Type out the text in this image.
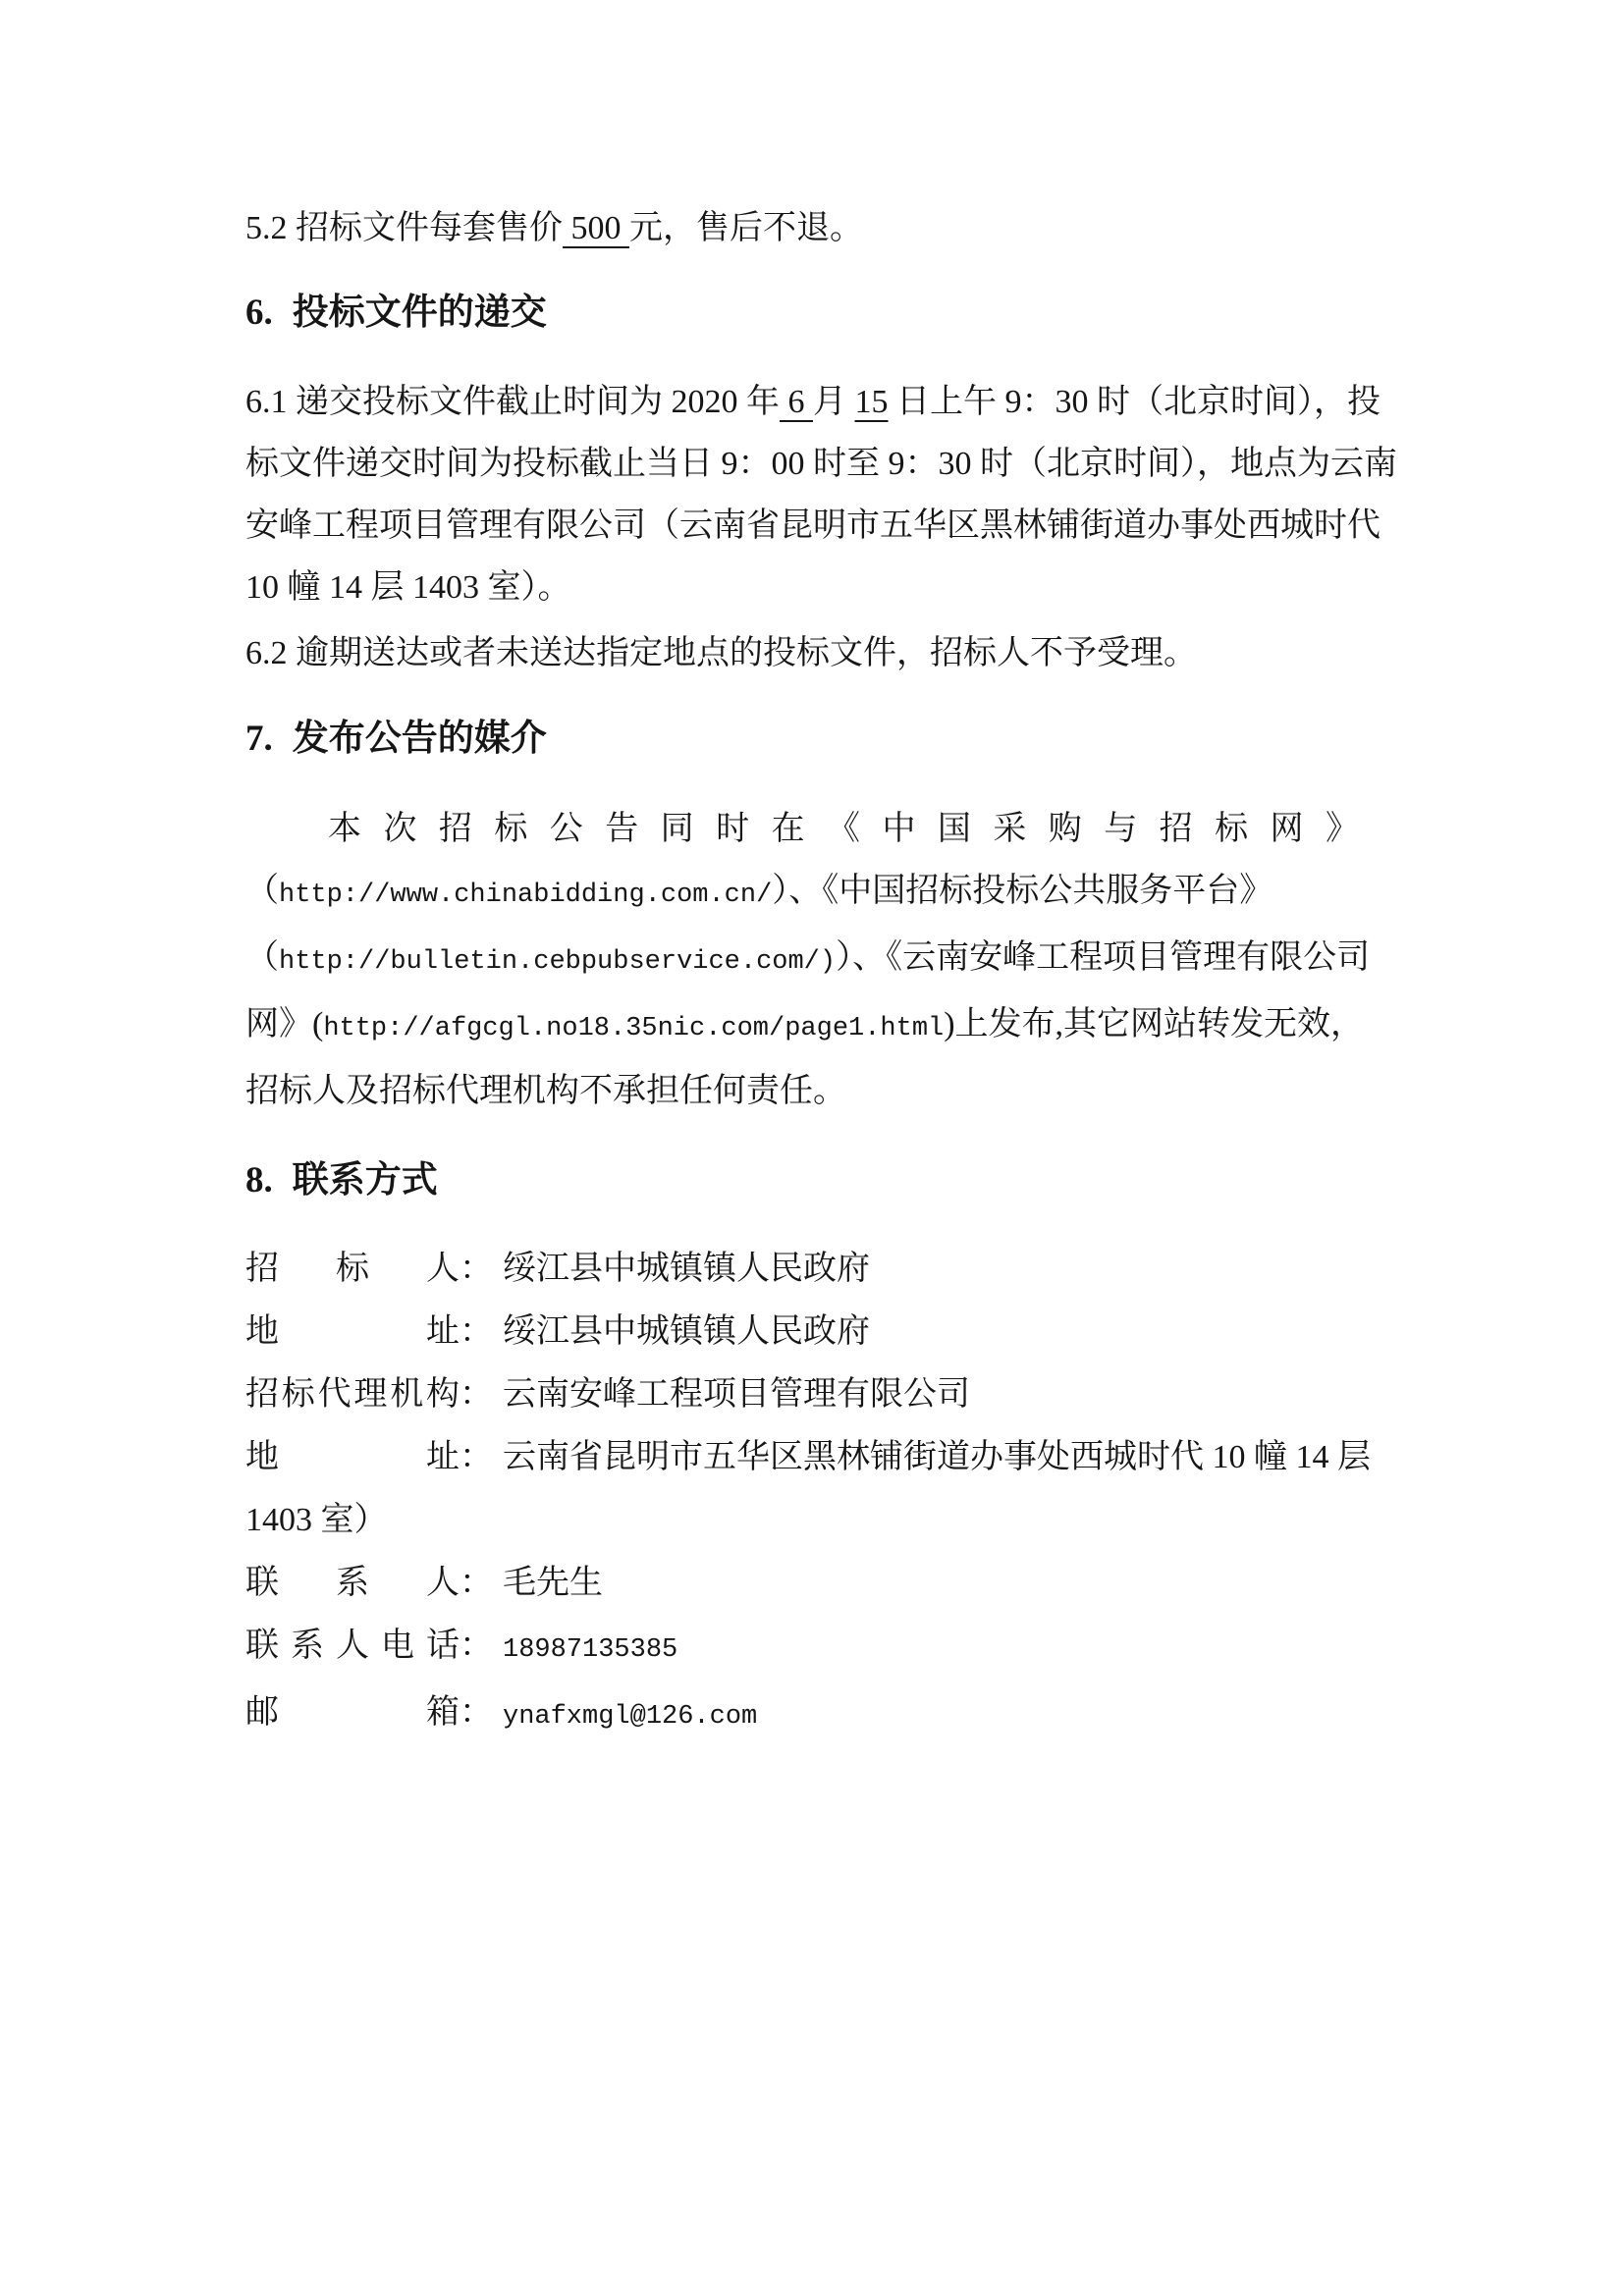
5.2 招标文件每套售价 500 元，售后不退。
6. 投标文件的递交
6.1 递交投标文件截止时间为 2020 年 6 月 15 日上午 9：30 时（北京时间），投
标文件递交时间为投标截止当日 9：00 时至 9：30 时（北京时间），地点为云南
安峰工程项目管理有限公司（云南省昆明市五华区黑林铺街道办事处西城时代
10 幢 14 层 1403 室）。
6.2 逾期送达或者未送达指定地点的投标文件，招标人不予受理。
7. 发布公告的媒介
本 次 招 标 公 告 同 时 在 《 中 国 采 购 与 招 标 网 》
（http://www.chinabidding.com.cn/）、《中国招标投标公共服务平台》
（http://bulletin.cebpubservice.com/)）、《云南安峰工程项目管理有限公司
网》(http://afgcgl.no18.35nic.com/page1.html)上发布,其它网站转发无效，
招标人及招标代理机构不承担任何责任。
8. 联系方式
招 标 人 ： 绥江县中城镇镇人民政府
地	址 ： 绥江县中城镇镇人民政府
招 标 代 理 机 构 ： 云南安峰工程项目管理有限公司
地	址 ： 云南省昆明市五华区黑林铺街道办事处西城时代 10 幢 14 层
1403 室）
联 系 人 ： 毛先生
联 系 人 电 话 ： 18987135385
邮	箱 ： ynafxmgl@126.com
